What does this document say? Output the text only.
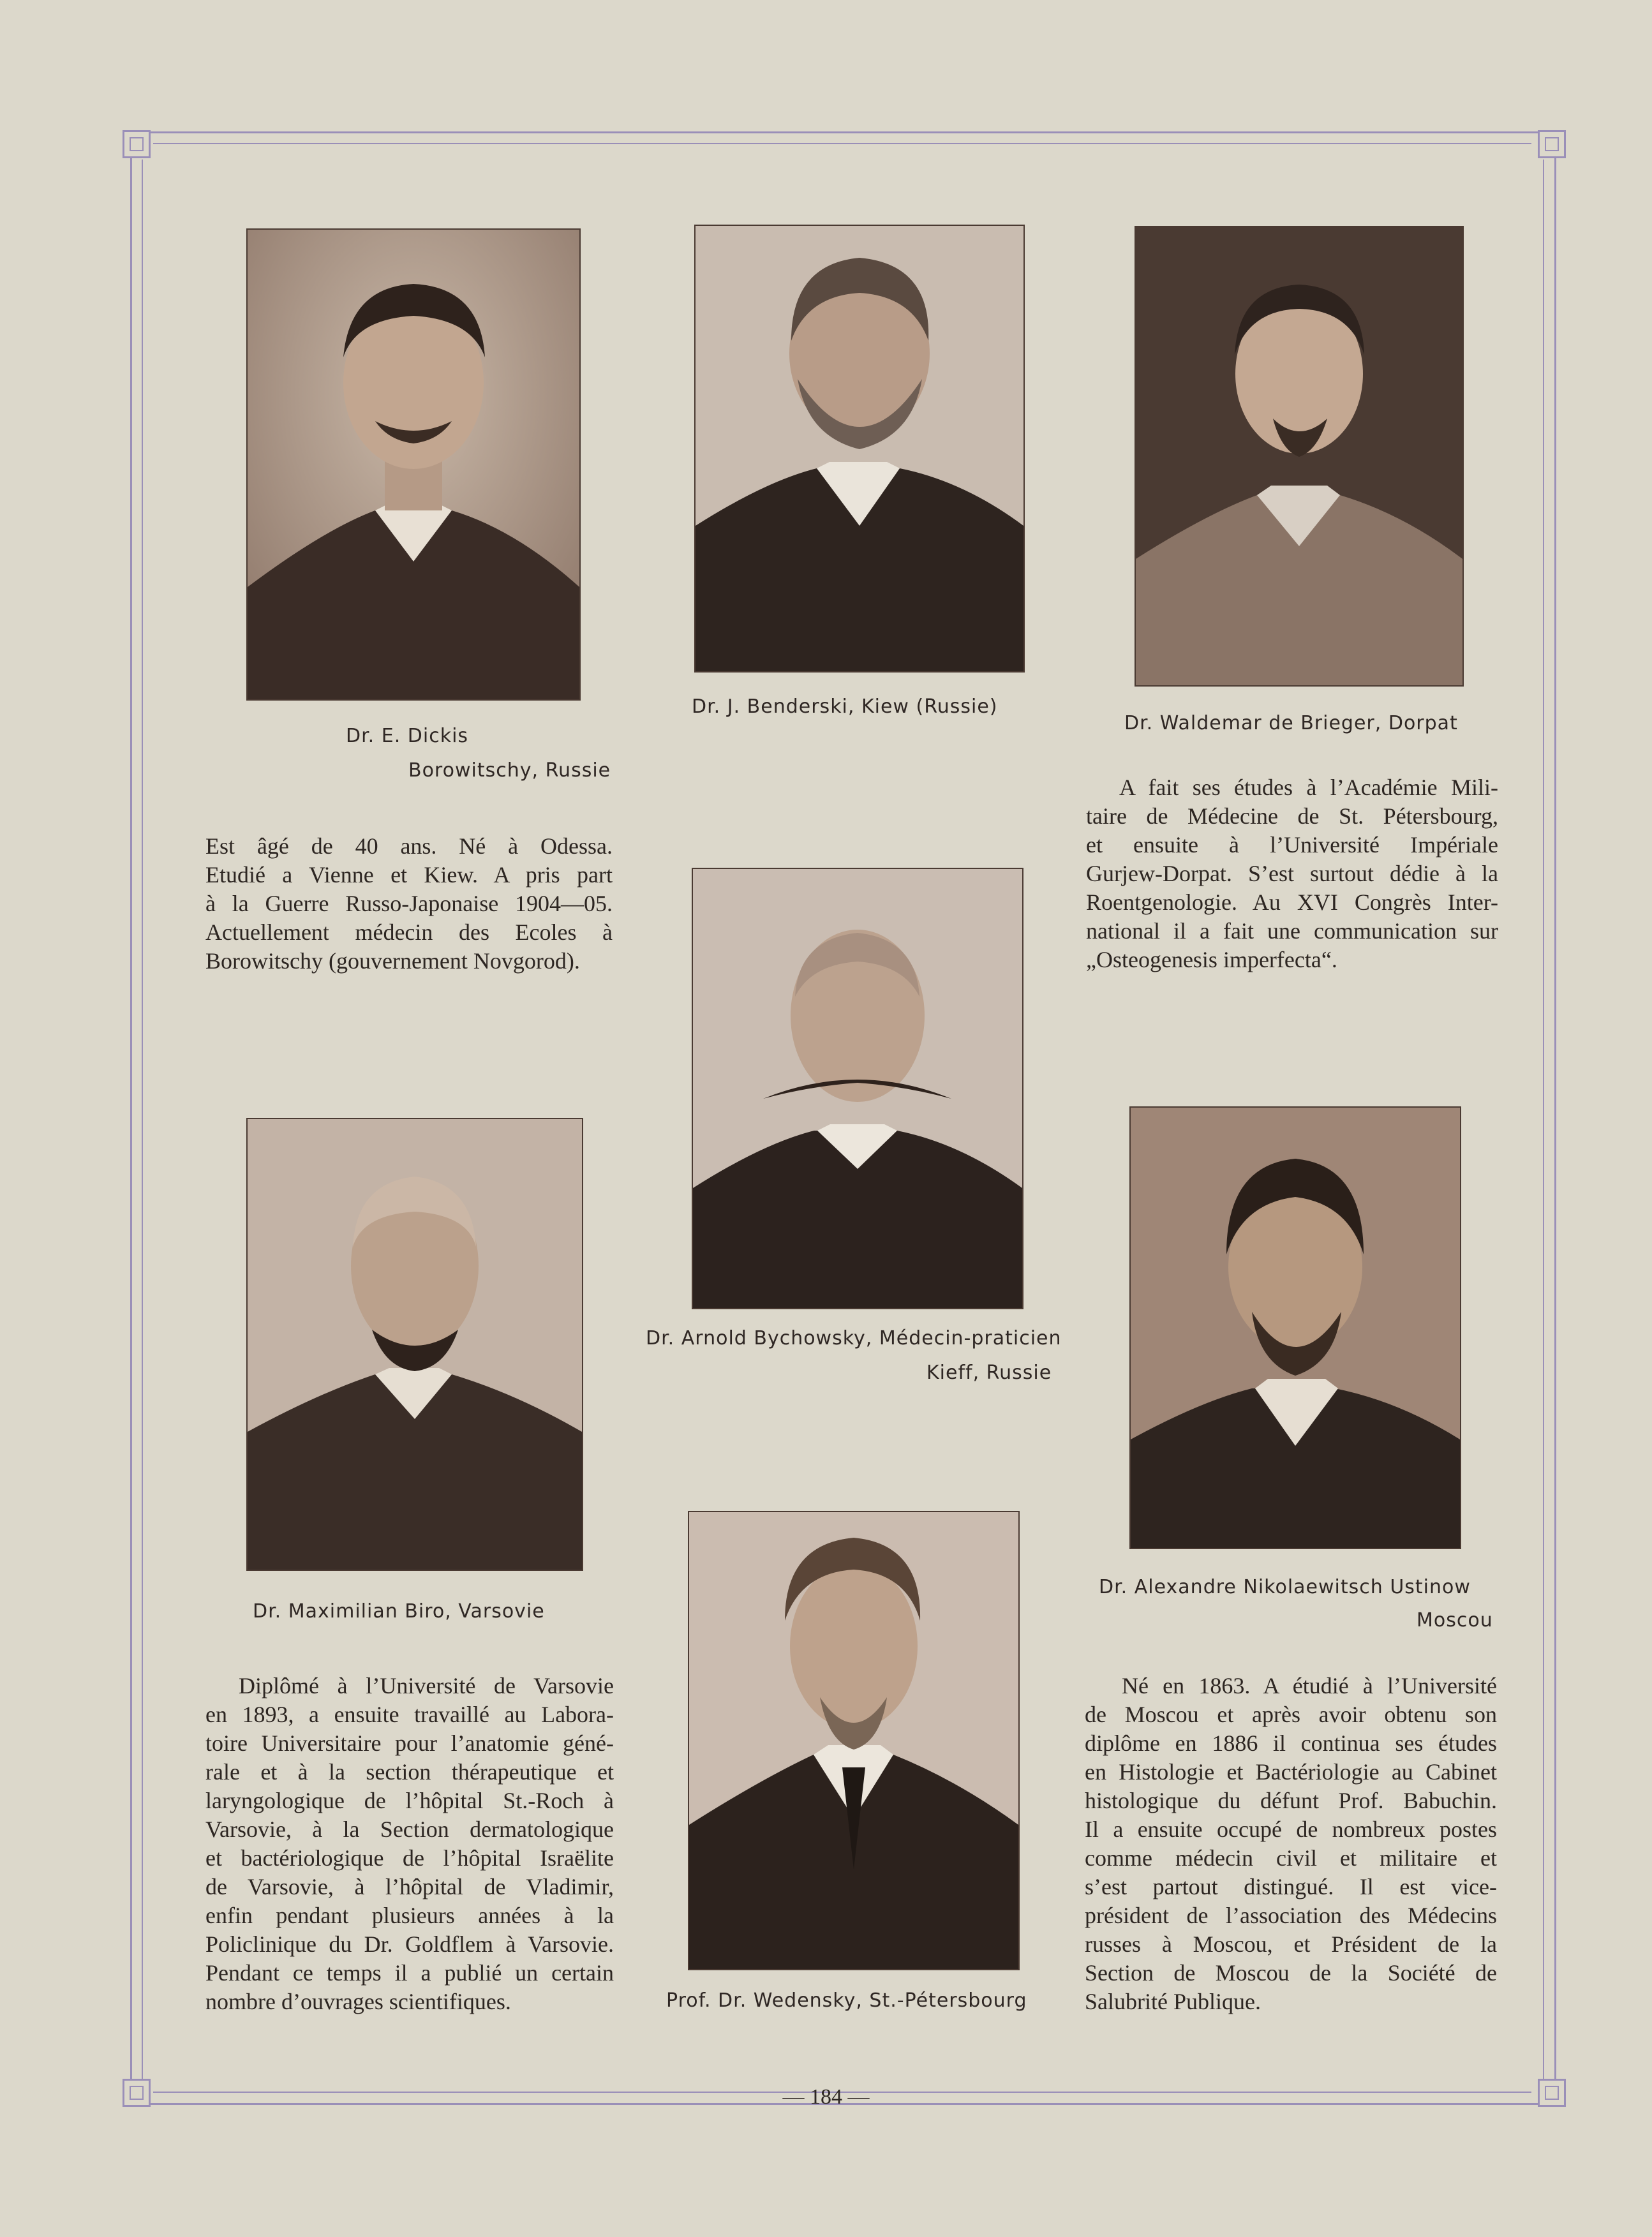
Dr. E. Dickis
Borowitschy, Russie
Est âgé de 40 ans. Né à Odessa.
Etudié a Vienne et Kiew. A pris part
à la Guerre Russo-Japonaise 1904—05.
Actuellement médecin des Ecoles à
Borowitschy (gouvernement Novgorod).
Dr. J. Benderski, Kiew (Russie)
Dr. Waldemar de Brieger, Dorpat
A fait ses études à l’Académie Mili-
taire de Médecine de St. Pétersbourg,
et ensuite à l’Université Impériale
Gurjew-Dorpat. S’est surtout dédie à la
Roentgenologie. Au XVI Congrès Inter-
national il a fait une communication sur
„Osteogenesis imperfecta“.
Dr. Arnold Bychowsky, Médecin-praticien
Kieff, Russie
Dr. Maximilian Biro, Varsovie
Diplômé à l’Université de Varsovie
en 1893, a ensuite travaillé au Labora-
toire Universitaire pour l’anatomie géné-
rale et à la section thérapeutique et
laryngologique de l’hôpital St.-Roch à
Varsovie, à la Section dermatologique
et bactériologique de l’hôpital Israëlite
de Varsovie, à l’hôpital de Vladimir,
enfin pendant plusieurs années à la
Policlinique du Dr. Goldflem à Varsovie.
Pendant ce temps il a publié un certain
nombre d’ouvrages scientifiques.
Dr. Alexandre Nikolaewitsch Ustinow
Moscou
Né en 1863. A étudié à l’Université
de Moscou et après avoir obtenu son
diplôme en 1886 il continua ses études
en Histologie et Bactériologie au Cabinet
histologique du défunt Prof. Babuchin.
Il a ensuite occupé de nombreux postes
comme médecin civil et militaire et
s’est partout distingué. Il est vice-
président de l’association des Médecins
russes à Moscou, et Président de la
Section de Moscou de la Société de
Salubrité Publique.
Prof. Dr. Wedensky, St.-Pétersbourg
— 184 —
